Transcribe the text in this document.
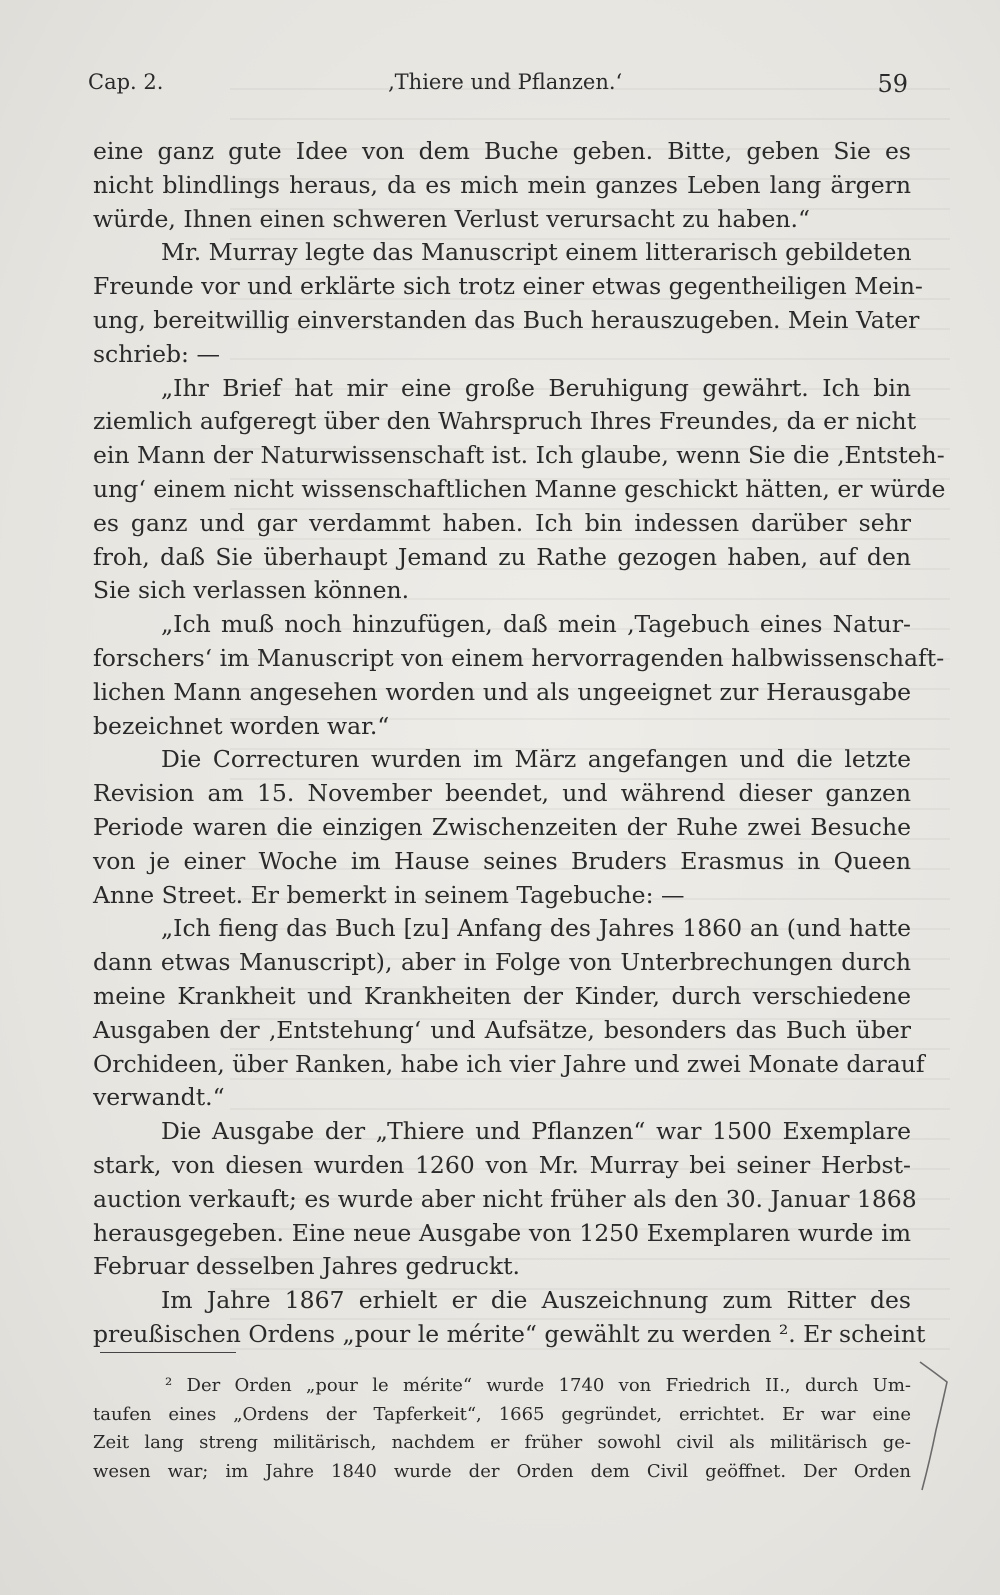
Cap. 2.	‚Thiere und Pflanzen.‘	59
eine ganz gute Idee von dem Buche geben. Bitte, geben Sie es
nicht blindlings heraus, da es mich mein ganzes Leben lang ärgern
würde, Ihnen einen schweren Verlust verursacht zu haben.“
Mr. Murray legte das Manuscript einem litterarisch gebildeten
Freunde vor und erklärte sich trotz einer etwas gegentheiligen Mein-
ung, bereitwillig einverstanden das Buch herauszugeben. Mein Vater
schrieb: —
„Ihr Brief hat mir eine große Beruhigung gewährt. Ich bin
ziemlich aufgeregt über den Wahrspruch Ihres Freundes, da er nicht
ein Mann der Naturwissenschaft ist. Ich glaube, wenn Sie die ‚Entsteh-
ung‘ einem nicht wissenschaftlichen Manne geschickt hätten, er würde
es ganz und gar verdammt haben. Ich bin indessen darüber sehr
froh, daß Sie überhaupt Jemand zu Rathe gezogen haben, auf den
Sie sich verlassen können.
„Ich muß noch hinzufügen, daß mein ‚Tagebuch eines Natur-
forschers‘ im Manuscript von einem hervorragenden halbwissenschaft-
lichen Mann angesehen worden und als ungeeignet zur Herausgabe
bezeichnet worden war.“
Die Correcturen wurden im März angefangen und die letzte
Revision am 15. November beendet, und während dieser ganzen
Periode waren die einzigen Zwischenzeiten der Ruhe zwei Besuche
von je einer Woche im Hause seines Bruders Erasmus in Queen
Anne Street. Er bemerkt in seinem Tagebuche: —
„Ich fieng das Buch [zu] Anfang des Jahres 1860 an (und hatte
dann etwas Manuscript), aber in Folge von Unterbrechungen durch
meine Krankheit und Krankheiten der Kinder, durch verschiedene
Ausgaben der ‚Entstehung‘ und Aufsätze, besonders das Buch über
Orchideen, über Ranken, habe ich vier Jahre und zwei Monate darauf
verwandt.“
Die Ausgabe der „Thiere und Pflanzen“ war 1500 Exemplare
stark, von diesen wurden 1260 von Mr. Murray bei seiner Herbst-
auction verkauft; es wurde aber nicht früher als den 30. Januar 1868
herausgegeben. Eine neue Ausgabe von 1250 Exemplaren wurde im
Februar desselben Jahres gedruckt.
Im Jahre 1867 erhielt er die Auszeichnung zum Ritter des
preußischen Ordens „pour le mérite“ gewählt zu werden ². Er scheint
² Der Orden „pour le mérite“ wurde 1740 von Friedrich II., durch Um-
taufen eines „Ordens der Tapferkeit“, 1665 gegründet, errichtet. Er war eine
Zeit lang streng militärisch, nachdem er früher sowohl civil als militärisch ge-
wesen war; im Jahre 1840 wurde der Orden dem Civil geöffnet. Der Orden
